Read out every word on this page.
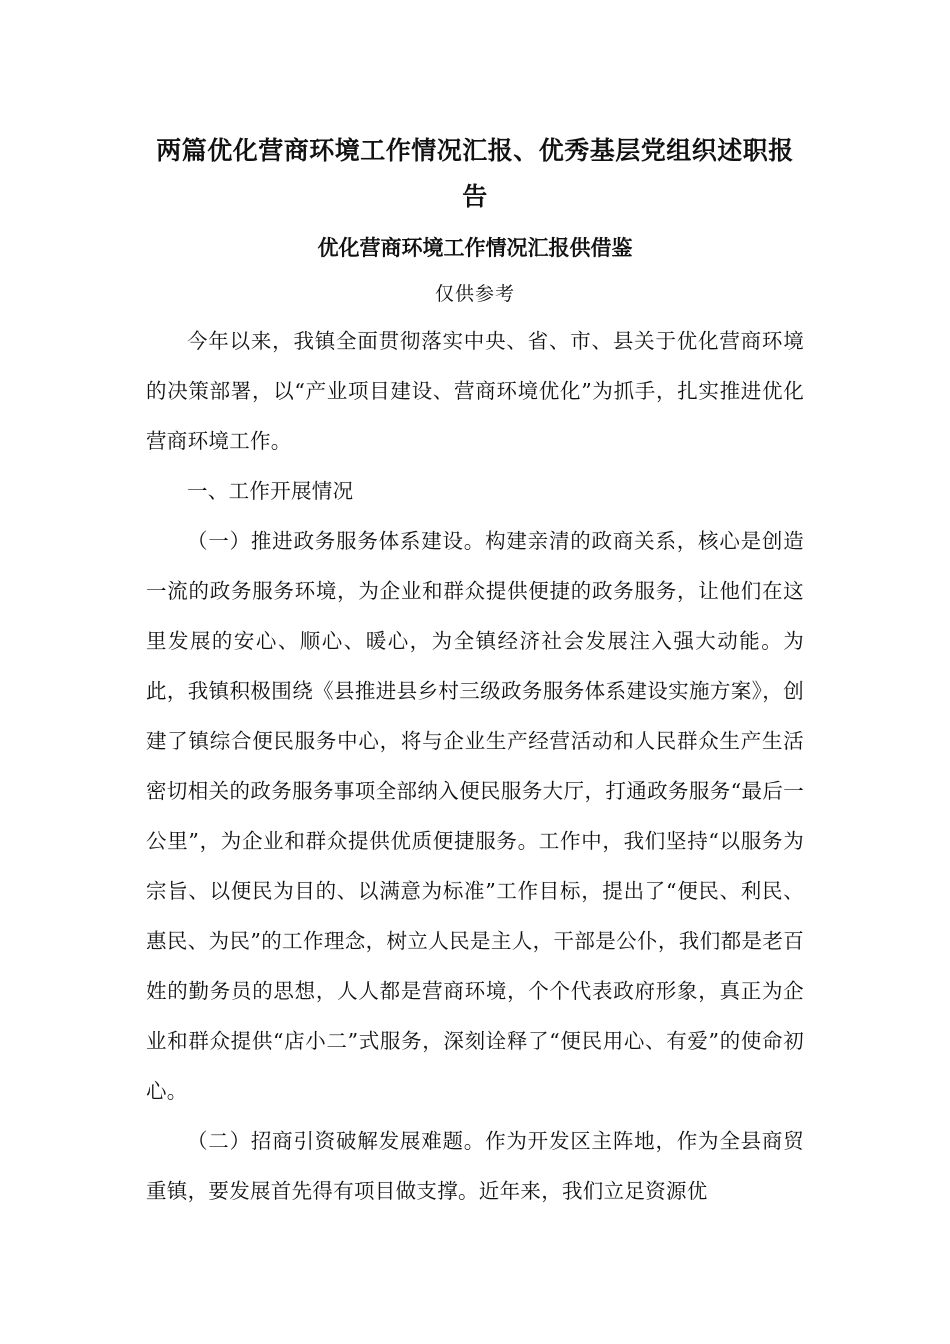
两篇优化营商环境工作情况汇报、优秀基层党组织述职报告
优化营商环境工作情况汇报供借鉴
仅供参考

今年以来，我镇全面贯彻落实中央、省、市、县关于优化营商环境的决策部署，以“产业项目建设、营商环境优化”为抓手，扎实推进优化营商环境工作。

一、工作开展情况

（一）推进政务服务体系建设。构建亲清的政商关系，核心是创造一流的政务服务环境，为企业和群众提供便捷的政务服务，让他们在这里发展的安心、顺心、暖心，为全镇经济社会发展注入强大动能。为此，我镇积极围绕《县推进县乡村三级政务服务体系建设实施方案》，创建了镇综合便民服务中心，将与企业生产经营活动和人民群众生产生活密切相关的政务服务事项全部纳入便民服务大厅，打通政务服务“最后一公里”，为企业和群众提供优质便捷服务。工作中，我们坚持“以服务为宗旨、以便民为目的、以满意为标准”工作目标，提出了“便民、利民、惠民、为民”的工作理念，树立人民是主人，干部是公仆，我们都是老百姓的勤务员的思想，人人都是营商环境，个个代表政府形象，真正为企业和群众提供“店小二”式服务，深刻诠释了“便民用心、有爱”的使命初心。

（二）招商引资破解发展难题。作为开发区主阵地，作为全县商贸重镇，要发展首先得有项目做支撑。近年来，我们立足资源优
